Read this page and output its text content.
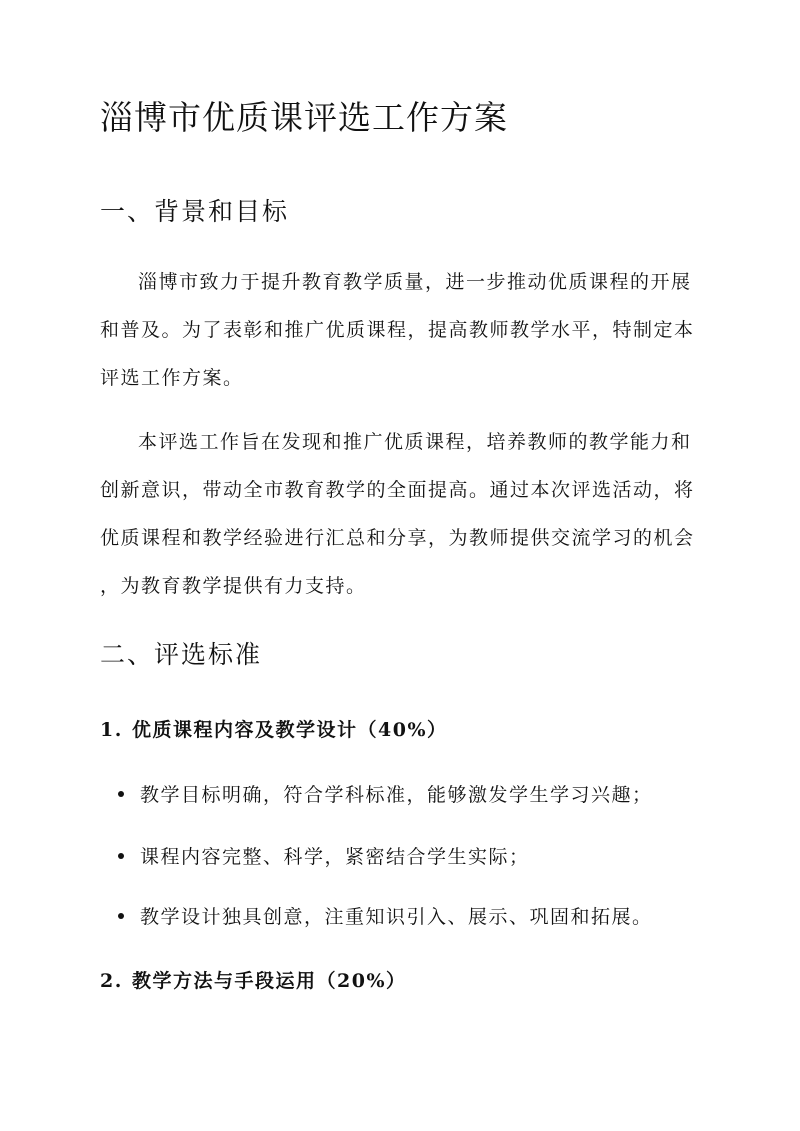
淄博市优质课评选工作方案
一、背景和目标
淄博市致力于提升教育教学质量，进一步推动优质课程的开展
和普及。为了表彰和推广优质课程，提高教师教学水平，特制定本
评选工作方案。
本评选工作旨在发现和推广优质课程，培养教师的教学能力和
创新意识，带动全市教育教学的全面提高。通过本次评选活动，将
优质课程和教学经验进行汇总和分享，为教师提供交流学习的机会
，为教育教学提供有力支持。
二、评选标准
1. 优质课程内容及教学设计（40%）

教学目标明确，符合学科标准，能够激发学生学习兴趣；

课程内容完整、科学，紧密结合学生实际；

教学设计独具创意，注重知识引入、展示、巩固和拓展。

2. 教学方法与手段运用（20%）
